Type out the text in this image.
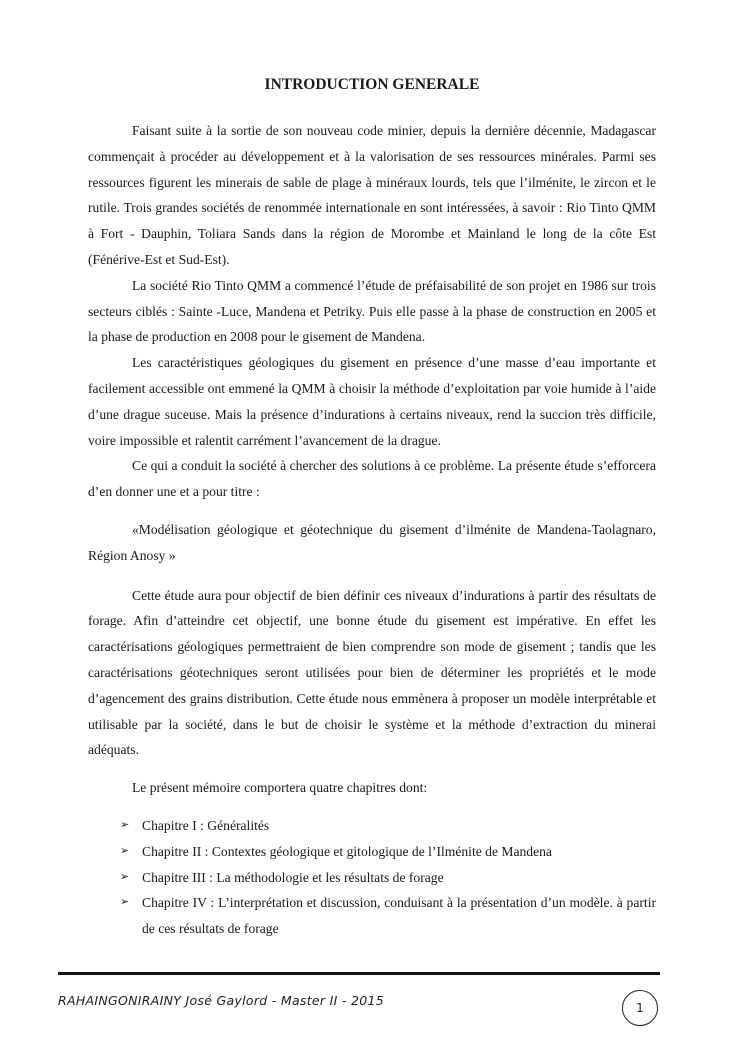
INTRODUCTION GENERALE

Faisant suite à la sortie de son nouveau code minier, depuis la dernière décennie, Madagascar commençait à procéder au développement et à la valorisation de ses ressources minérales. Parmi ses ressources figurent les minerais de sable de plage à minéraux lourds, tels que l’ilménite, le zircon et le rutile. Trois grandes sociétés de renommée internationale en sont intéressées, à savoir : Rio Tinto QMM à Fort - Dauphin, Toliara Sands dans la région de Morombe et Mainland le long de la côte Est (Fénérive-Est et Sud-Est).

La société Rio Tinto QMM a commencé l’étude de préfaisabilité de son projet en 1986 sur trois secteurs ciblés : Sainte -Luce, Mandena et Petriky. Puis elle passe à la phase de construction en 2005 et la phase de production en 2008 pour le gisement de Mandena.

Les caractéristiques géologiques du gisement en présence d’une masse d’eau importante et facilement accessible ont emmené la QMM à choisir la méthode d’exploitation par voie humide à l’aide d’une drague suceuse. Mais la présence d’indurations à certains niveaux, rend la succion très difficile, voire impossible et ralentit carrément l’avancement de la drague.

Ce qui a conduit la société à chercher des solutions à ce problème. La présente étude s’efforcera d’en donner une et a pour titre :

«Modélisation géologique et géotechnique du gisement d’ilménite de Mandena-Taolagnaro, Région Anosy »

Cette étude aura pour objectif de bien définir ces niveaux d’indurations à partir des résultats de forage. Afin d’atteindre cet objectif, une bonne étude du gisement est impérative. En effet les caractérisations géologiques permettraient de bien comprendre son mode de gisement ; tandis que les caractérisations géotechniques seront utilisées pour bien de déterminer les propriétés et le mode d’agencement des grains distribution. Cette étude nous emmènera à proposer un modèle interprétable et utilisable par la société, dans le but de choisir le système et la méthode d’extraction du minerai adéquats.

Le présent mémoire comportera quatre chapitres dont:

➢ Chapitre I : Généralités
➢ Chapitre II : Contextes géologique et gitologique de l’Ilménite de Mandena
➢ Chapitre III : La méthodologie et les résultats de forage
➢ Chapitre IV : L’interprétation et discussion, conduisant à la présentation d’un modèle. à partir de ces résultats de forage
RAHAINGONIRAINY José Gaylord - Master II - 2015	1
